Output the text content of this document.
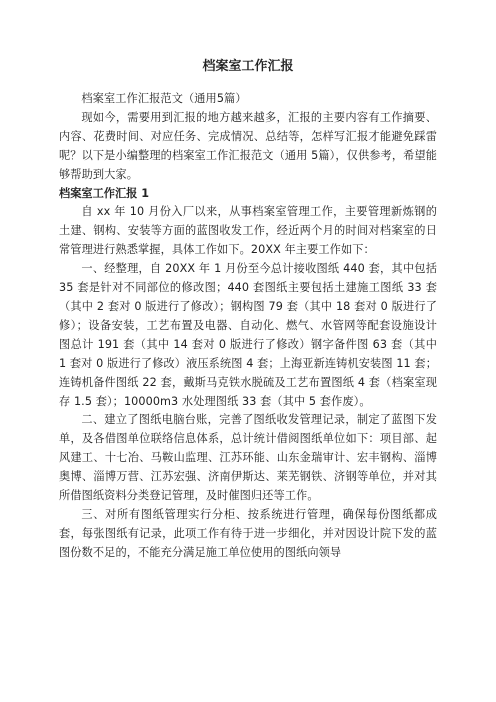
档案室工作汇报

档案室工作汇报范文（通用5篇）

现如今，需要用到汇报的地方越来越多，汇报的主要内容有工作摘要、内容、花费时间、对应任务、完成情况、总结等，怎样写汇报才能避免踩雷呢？以下是小编整理的档案室工作汇报范文（通用 5篇），仅供参考，希望能够帮助到大家。

档案室工作汇报 1

自 xx 年 10 月份入厂以来，从事档案室管理工作，主要管理新炼钢的土建、钢构、安装等方面的蓝图收发工作，经近两个月的时间对档案室的日常管理进行熟悉掌握，具体工作如下。20XX 年主要工作如下：

一、经整理，自 20XX 年 1 月份至今总计接收图纸 440 套，其中包括 35 套是针对不同部位的修改图；440 套图纸主要包括土建施工图纸 33 套（其中 2 套对 0 版进行了修改）；钢构图 79 套（其中 18 套对 0 版进行了修）；设备安装，工艺布置及电器、自动化、燃气、水管网等配套设施设计图总计 191 套（其中 14 套对 0 版进行了修改）钢字备件图 63 套（其中 1 套对 0 版进行了修改）液压系统图 4 套；上海亚新连铸机安装图 11 套；连铸机备件图纸 22 套，戴斯马克铁水脱硫及工艺布置图纸 4 套（档案室现存 1.5 套）；10000m3 水处理图纸 33 套（其中 5 套作废）。

二、建立了图纸电脑台账，完善了图纸收发管理记录，制定了蓝图下发单，及各借图单位联络信息体系，总计统计借阅图纸单位如下：项目部、起风建工、十七冶、马鞍山监理、江苏环能、山东金瑞审计、宏丰钢构、淄博奥博、淄博万营、江苏宏强、济南伊斯达、莱芜钢铁、济钢等单位，并对其所借图纸资料分类登记管理，及时催图归还等工作。

三、对所有图纸管理实行分柜、按系统进行管理，确保每份图纸都成套，每张图纸有记录，此项工作有待于进一步细化，并对因设计院下发的蓝图份数不足的，不能充分满足施工单位使用的图纸向领导
